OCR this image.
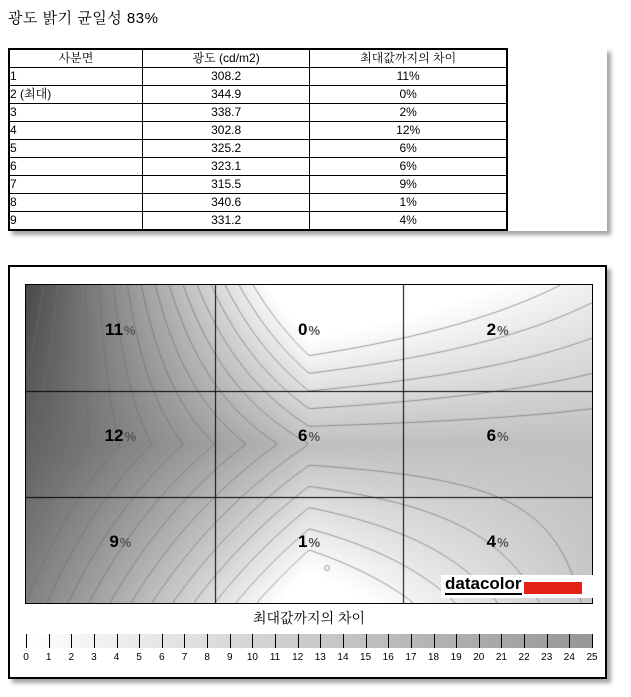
광도 밝기 균일성 83%
사분면	광도 (cd/m2)	최대값까지의 차이
1	308.2	11%
2 (최대)	344.9	0%
3	338.7	2%
4	302.8	12%
5	325.2	6%
6	323.1	6%
7	315.5	9%
8	340.6	1%
9	331.2	4%
11%	0%	2%
12%	6%	6%
9%	1%	4%
datacolor
최대값까지의 차이
0 1 2 3 4 5 6 7 8 9 10 11 12 13 14 15 16 17 18 19 20 21 22 23 24 25
